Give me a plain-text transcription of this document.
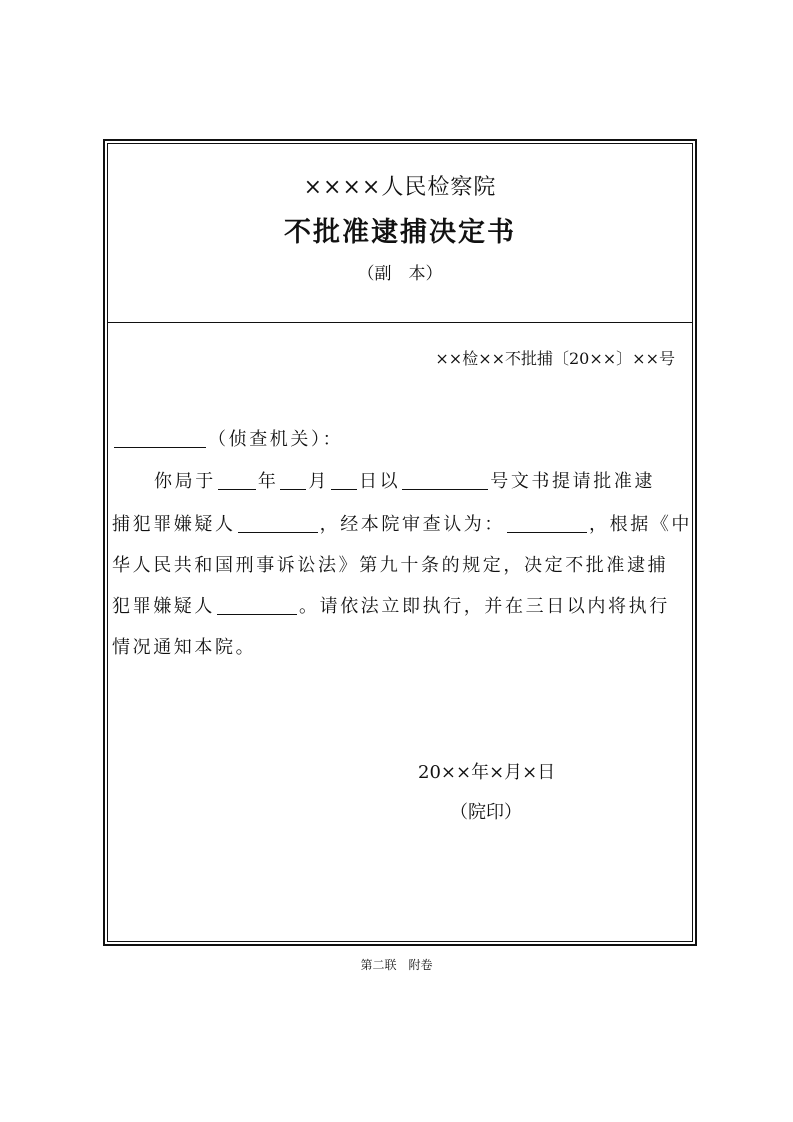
××××人民检察院
不批准逮捕决定书
（副　本）
××检××不批捕〔20××〕××号
（侦查机关）：
你局于 年 月 日以	号文书提请批准逮
捕犯罪嫌疑人	，经本院审查认为：	，根据《中
华人民共和国刑事诉讼法》第九十条的规定，决定不批准逮捕
犯罪嫌疑人	。请依法立即执行，并在三日以内将执行
情况通知本院。
20××年×月×日
（院印）
第二联　附卷
